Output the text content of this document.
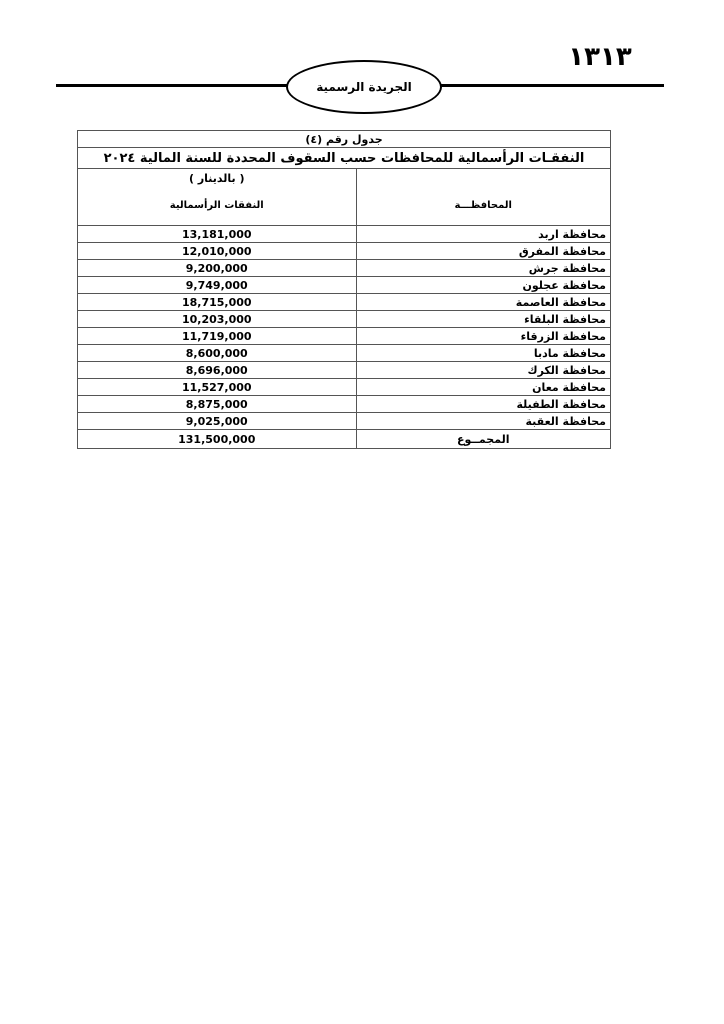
١٣١٣
الجريدة الرسمية
جدول رقم (٤)	
النفقـات الرأسمالية للمحافظات حسب السقوف المحددة للسنة المالية ٢٠٢٤	
	( بالدينار )
المحافظـــة	النفقات الرأسمالية
محافظة اربد	13,181,000
محافظة المفرق	12,010,000
محافظة جرش	9,200,000
محافظة عجلون	9,749,000
محافظة العاصمة	18,715,000
محافظة البلقاء	10,203,000
محافظة الزرقاء	11,719,000
محافظة مادبا	8,600,000
محافظة الكرك	8,696,000
محافظة معان	11,527,000
محافظة الطفيلة	8,875,000
محافظة العقبة	9,025,000
المجمــوع	131,500,000
